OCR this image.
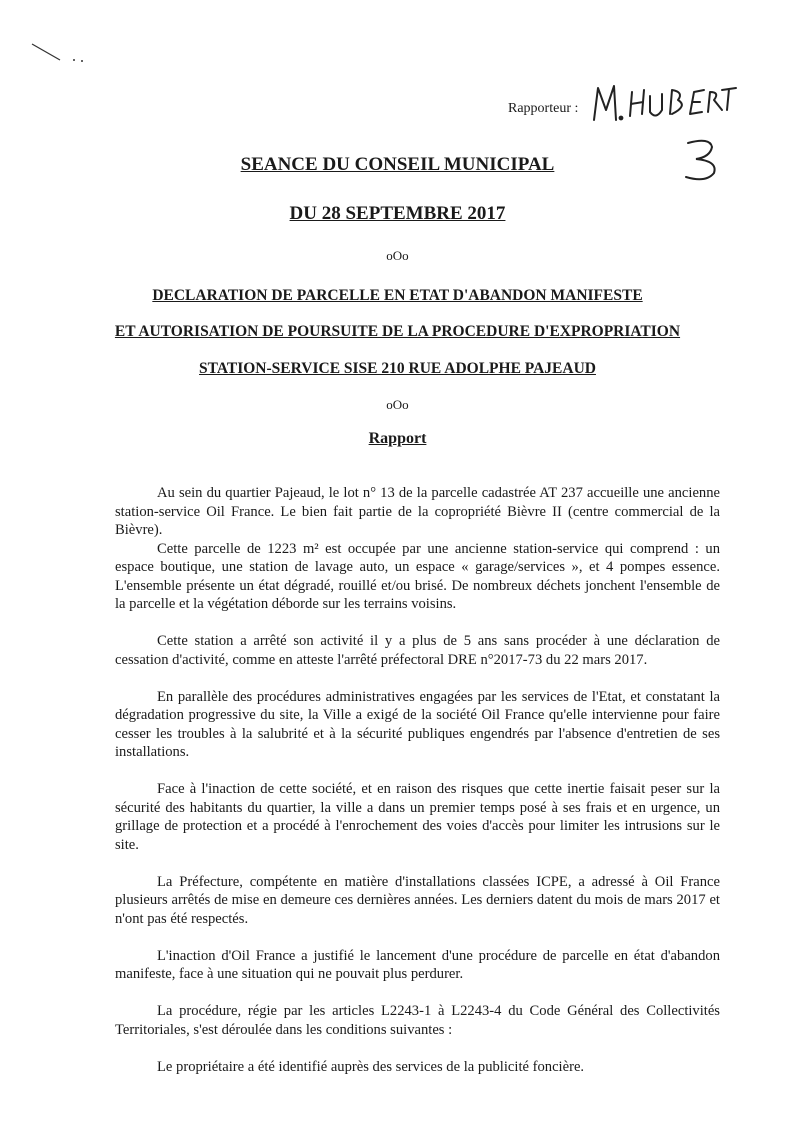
Rapporteur :
SEANCE DU CONSEIL MUNICIPAL
DU 28 SEPTEMBRE 2017
oOo
DECLARATION DE PARCELLE EN ETAT D'ABANDON MANIFESTE
ET AUTORISATION DE POURSUITE DE LA PROCEDURE D'EXPROPRIATION
STATION-SERVICE SISE 210 RUE ADOLPHE PAJEAUD
oOo
Rapport

Au sein du quartier Pajeaud, le lot n° 13 de la parcelle cadastrée AT 237 accueille une ancienne station-service Oil France. Le bien fait partie de la copropriété Bièvre II (centre commercial de la Bièvre).

Cette parcelle de 1223 m² est occupée par une ancienne station-service qui comprend : un espace boutique, une station de lavage auto, un espace « garage/services », et 4 pompes essence. L'ensemble présente un état dégradé, rouillé et/ou brisé. De nombreux déchets jonchent l'ensemble de la parcelle et la végétation déborde sur les terrains voisins.

Cette station a arrêté son activité il y a plus de 5 ans sans procéder à une déclaration de cessation d'activité, comme en atteste l'arrêté préfectoral DRE n°2017-73 du 22 mars 2017.

En parallèle des procédures administratives engagées par les services de l'Etat, et constatant la dégradation progressive du site, la Ville a exigé de la société Oil France qu'elle intervienne pour faire cesser les troubles à la salubrité et à la sécurité publiques engendrés par l'absence d'entretien de ses installations.

Face à l'inaction de cette société, et en raison des risques que cette inertie faisait peser sur la sécurité des habitants du quartier, la ville a dans un premier temps posé à ses frais et en urgence, un grillage de protection et a procédé à l'enrochement des voies d'accès pour limiter les intrusions sur le site.

La Préfecture, compétente en matière d'installations classées ICPE, a adressé à Oil France plusieurs arrêtés de mise en demeure ces dernières années. Les derniers datent du mois de mars 2017 et n'ont pas été respectés.

L'inaction d'Oil France a justifié le lancement d'une procédure de parcelle en état d'abandon manifeste, face à une situation qui ne pouvait plus perdurer.

La procédure, régie par les articles L2243-1 à L2243-4 du Code Général des Collectivités Territoriales, s'est déroulée dans les conditions suivantes :

Le propriétaire a été identifié auprès des services de la publicité foncière.
